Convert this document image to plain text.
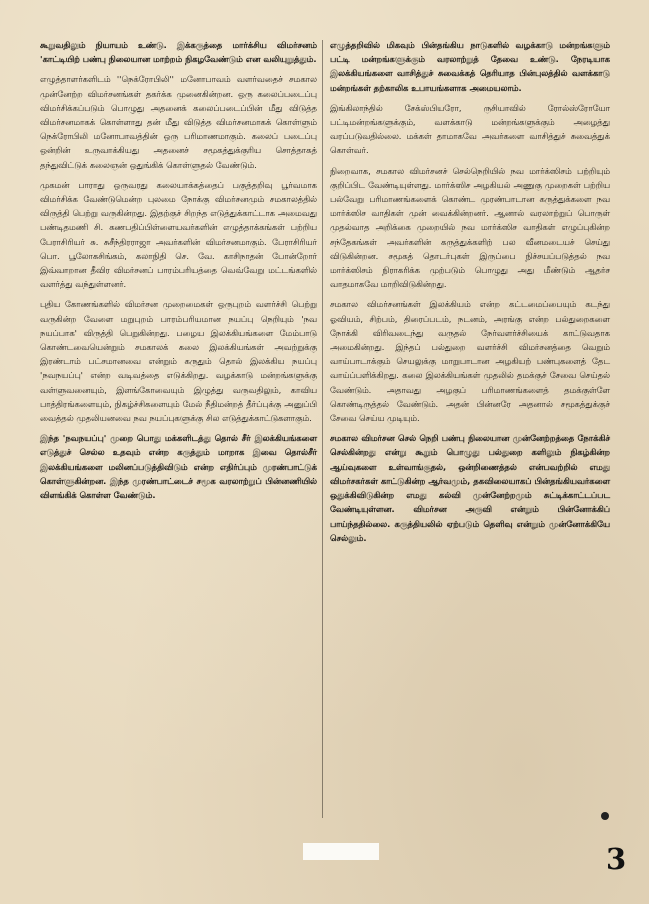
கூறுவதிலும் நியாயம் உண்டு. இக்கருத்தை மார்க்சிய விமர்சனம் 'காட்டியிற் பண்பு நிலையான மாற்றம் நிகழவேண்டும் என வலியுறுத்தும்.

எழுத்தாளர்களிடம் ''நெக்ரோபிலி'' மனோபாவம் வளர்வதைச் சமகால முன்னேற்ற விமர்சனங்கள் தகர்க்க முனைகின்றன. ஒரு கலைப்படைப்பு விமர்சிக்கப்படும் பொழுது அதனைக் கலைப்படைப்பின் மீது விடுத்த விமர்சனமாகக் கொள்ளாது தன் மீது விடுத்த விமர்சனமாகக் கொள்ளும் நெக்ரோபிலி மனோபாவத்தின் ஒரு பரிமாணமாகும். கலைப் படைப்பு ஒன்றின் உருவாக்கியது அதனைச் சமூகத்துக்குரிய சொத்தாகத் தந்துவிட்டுக் கலைஞன் ஒதுங்கிக் கொள்ளுதல் வேண்டும்.

முகமன் பாராது ஒருவரது கலையாக்கத்தைப் பகுத்தறிவு பூர்வமாக விமர்சிக்க வேண்டுமென்ற புலமை நோக்கு விமர்சனமும் சமகாலத்தில் விருத்தி பெற்று வருகின்றது. இதற்குச் சிறந்த எடுத்துக்காட்டாக அமைவது பண்டிதமணி சி. கணபதிப்பிள்ளையவர்களின் எழுத்தாக்கங்கள் பற்றிய பேராசிரியர் சு. சுசீந்திரராஜா அவர்களின் விமர்சனமாகும். பேராசிரியர் பொ. பூலோகசிங்கம், கலாநிதி செ. வே. காசிநாதன் போன்றோர் இவ்வாறான தீவிர விமர்சனப் பாரம்பரியத்தை வெவ்வேறு மட்டங்களில் வளர்த்து வந்துள்ளனர்.

புதிய கோணங்களில் விமர்சன முறைமைகள் ஒருபுறம் வளர்ச்சி பெற்று வருகின்ற வேளை மறுபுறம் பாரம்பரியமான நயப்பு நெறியும் 'நவ நயப்பாக' விருத்தி பெறுகின்றது. பழைய இலக்கியங்களை மேம்பாடு கொண்டவையென்றும் சமகாலக் கலை இலக்கியங்கள் அவற்றுக்கு இரண்டாம் பட்சமானவை என்றும் கருதும் தொல் இலக்கிய நயப்பு 'நவநயப்பு' என்ற வடிவத்தை எடுக்கிறது. வழக்காடு மன்றங்களுக்கு வள்ளுவனையும், இளங்கோவையும் இழுத்து வருவதிலும், காவிய பாத்திரங்களையும், நிகழ்ச்சிகளையும் மேல் நீதிமன்றத் தீர்ப்புக்கு அனுப்பி வைத்தல் முதலியனவை நவ நயப்புகளுக்கு சில எடுத்துக்காட்டுகளாகும்.

இந்த 'நவநயப்பு' முறை பொது மக்களிடத்து தொல் சீர் இலக்கியங்களை எடுத்துச் செல்ல உதவும் என்ற கருத்தும் மாறாக இவை தொல்சீர் இலக்கியங்களை மலினப்படுத்திவிடும் என்ற எதிர்ப்பும் முரண்பாட்டுக் கொள்ளுகின்றன. இந்த முரண்பாட்டைச் சமூக வரலாற்றுப் பின்னணியில் விளங்கிக் கொள்ள வேண்டும்.

எழுத்தறிவில் மிகவும் பின்தங்கிய நாடுகளில் வழக்காடு மன்றங்களும் பட்டி மன்றங்களுக்கும் வரலாற்றுத் தேவை உண்டு. நேரடியாக இலக்கியங்களை வாசித்துச் சுவைக்கத் தெரியாத பின்புலத்தில் வளக்காடு மன்றங்கள் தற்காலிக உபாயங்களாக அமையலாம்.

இங்கிலாந்தில் சேக்ஸ்பியரோ, ருசியாவில் ரோல்ஸ்ரோயோ பட்டிமன்றங்களுக்கும், வளக்காடு மன்றங்களுக்கும் அழைத்து வரப்படுவதில்லை. மக்கள் தாமாகவே அவர்களை வாசித்துச் சுவைத்துக் கொள்வர்.

நிறைவாக, சமகால விமர்சனச் செல்நெறியில் நவ மார்க்ஸிசம் பற்றியும் குறிப்பிட வேண்டியுள்ளது. மார்க்ஸிச அழகியல் அணுகு முறைகள் பற்றிய பல்வேறு பரிமாணங்களைக் கொண்ட முரண்பாடான கருத்துக்களை நவ மார்க்ஸிச வாதிகள் முன் வைக்கின்றனர். ஆனால் வரலாற்றுப் பொருள் முதல்வாத அறிக்கை முறையில் நவ மார்க்ஸிச வாதிகள் எழுப்புகின்ற சந்தேகங்கள் அவர்களின் கருத்துக்களிற் பல வீனமடையச் செய்து விடுகின்றன. சமூகத் தொடர்புகள் இருப்பை நிச்சயப்படுத்தல் நவ மார்க்ஸிசம் நிராகரிக்க முற்படும் பொழுது அது மீண்டும் ஆதர்ச வாதமாகவே மாறிவிடுகின்றது.

சமகால விமர்சனங்கள் இலக்கியம் என்ற கட்டமைப்பையும் கடந்து ஓவியம், சிற்பம், திரைப்படம், நடனம், அரங்கு என்ற பல்துறைகளை நோக்கி விரிவடைந்து வருதல் நேர்வளர்ச்சியைக் காட்டுவதாக அமைகின்றது. இந்தப் பல்துறை வளர்ச்சி விமர்சனத்தை வெறும் வாய்பாடாக்கும் செயலுக்கு மாறுபாடான அழகியற் பண்புகளைத் தேட வாய்ப்பளிக்கிறது. கலை இலக்கியங்கள் முதலில் தமக்குச் சேவை செய்தல் வேண்டும். அதாவது அழகுப் பரிமாணங்களைத் தமக்குள்ளே கொண்டிருத்தல் வேண்டும். அதன் பின்னரே அதனால் சமூகத்துக்குச் சேவை செய்ய முடியும்.

சமகால விமர்சன செல் நெறி பண்பு நிலையான முன்னேற்றத்தை நோக்கிச் செல்கின்றது என்று கூறும் பொழுது பல்துறை களிலும் நிகழ்கின்ற ஆய்வுகளை உள்வாங்குதல், ஒன்றிணைத்தல் என்பவற்றில் எமது விமர்சகர்கள் காட்டுகின்ற ஆர்வமும், தகவிலையாகப் பின்தங்கியவர்களை ஒதுக்கிவிடுகின்ற எமது கல்வி முன்னேற்றமும் சுட்டிக்காட்டப்பட வேண்டியுள்ளன. விமர்சன அருவி என்றும் பின்னோக்கிப் பாய்ந்ததில்லை. கருத்தியலில் ஏற்படும் தெளிவு என்றும் முன்னோக்கியே செல்லும்.

3
